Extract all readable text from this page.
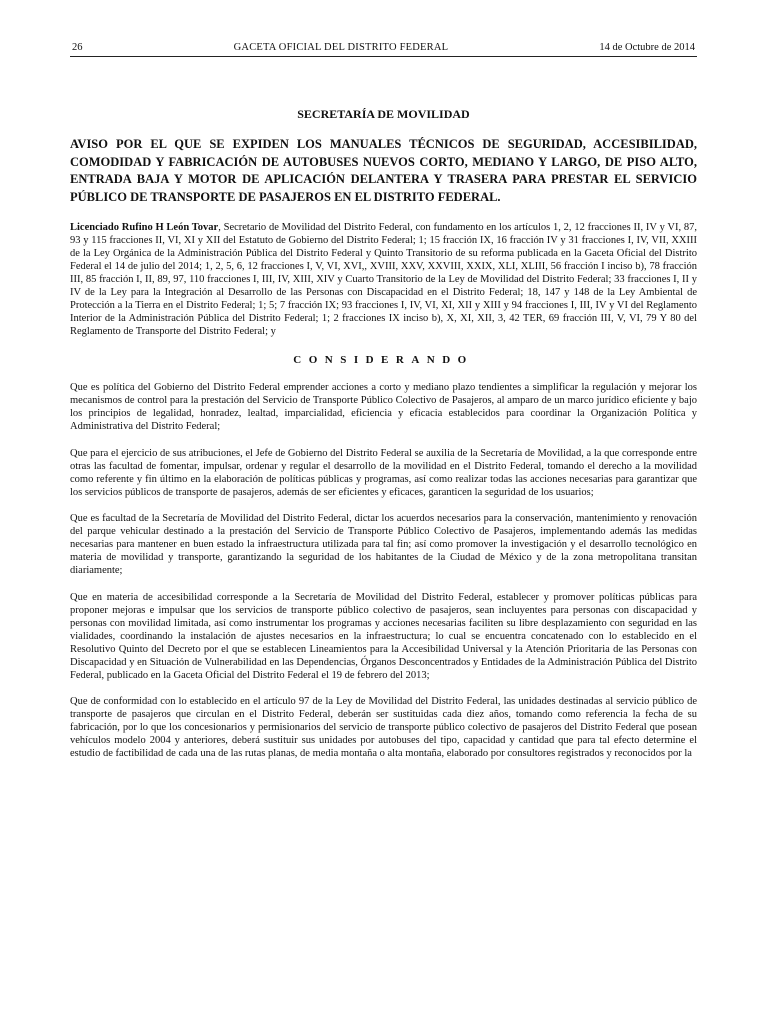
26	GACETA OFICIAL DEL DISTRITO FEDERAL	14 de Octubre de 2014
SECRETARÍA DE MOVILIDAD
AVISO POR EL QUE SE EXPIDEN LOS MANUALES TÉCNICOS DE SEGURIDAD, ACCESIBILIDAD, COMODIDAD Y FABRICACIÓN DE AUTOBUSES NUEVOS CORTO, MEDIANO Y LARGO, DE PISO ALTO, ENTRADA BAJA Y MOTOR DE APLICACIÓN DELANTERA Y TRASERA PARA PRESTAR EL SERVICIO PÚBLICO DE TRANSPORTE DE PASAJEROS EN EL DISTRITO FEDERAL.
Licenciado Rufino H León Tovar, Secretario de Movilidad del Distrito Federal, con fundamento en los artículos 1, 2, 12 fracciones II, IV y VI, 87, 93 y 115 fracciones II, VI, XI y XII del Estatuto de Gobierno del Distrito Federal; 1; 15 fracción IX, 16 fracción IV y 31 fracciones I, IV, VII, XXIII de la Ley Orgánica de la Administración Pública del Distrito Federal y Quinto Transitorio de su reforma publicada en la Gaceta Oficial del Distrito Federal el 14 de julio del 2014; 1, 2, 5, 6, 12 fracciones I, V, VI, XVI,, XVIII, XXV, XXVIII, XXIX, XLI, XLIII, 56 fracción I inciso b), 78 fracción III, 85 fracción I, II, 89, 97, 110 fracciones I, III, IV, XIII, XIV y Cuarto Transitorio de la Ley de Movilidad del Distrito Federal; 33 fracciones I, II y IV de la Ley para la Integración al Desarrollo de las Personas con Discapacidad en el Distrito Federal; 18, 147 y 148 de la Ley Ambiental de Protección a la Tierra en el Distrito Federal; 1; 5; 7 fracción IX; 93 fracciones I, IV, VI, XI, XII y XIII y 94 fracciones I, III, IV y VI del Reglamento Interior de la Administración Pública del Distrito Federal; 1; 2 fracciones IX inciso b), X, XI, XII, 3, 42 TER, 69 fracción III, V, VI, 79 Y 80 del Reglamento de Transporte del Distrito Federal; y
CONSIDERANDO

Que es política del Gobierno del Distrito Federal emprender acciones a corto y mediano plazo tendientes a simplificar la regulación y mejorar los mecanismos de control para la prestación del Servicio de Transporte Público Colectivo de Pasajeros, al amparo de un marco jurídico eficiente y bajo los principios de legalidad, honradez, lealtad, imparcialidad, eficiencia y eficacia establecidos para coordinar la Organización Política y Administrativa del Distrito Federal;

Que para el ejercicio de sus atribuciones, el Jefe de Gobierno del Distrito Federal se auxilia de la Secretaría de Movilidad, a la que corresponde entre otras las facultad de fomentar, impulsar, ordenar y regular el desarrollo de la movilidad en el Distrito Federal, tomando el derecho a la movilidad como referente y fin último en la elaboración de políticas públicas y programas, así como realizar todas las acciones necesarias para garantizar que los servicios públicos de transporte de pasajeros, además de ser eficientes y eficaces, garanticen la seguridad de los usuarios;

Que es facultad de la Secretaría de Movilidad del Distrito Federal, dictar los acuerdos necesarios para la conservación, mantenimiento y renovación del parque vehicular destinado a la prestación del Servicio de Transporte Público Colectivo de Pasajeros, implementando además las medidas necesarias para mantener en buen estado la infraestructura utilizada para tal fin; así como promover la investigación y el desarrollo tecnológico en materia de movilidad y transporte, garantizando la seguridad de los habitantes de la Ciudad de México y de la zona metropolitana transitan diariamente;

Que en materia de accesibilidad corresponde a la Secretaría de Movilidad del Distrito Federal, establecer y promover políticas públicas para proponer mejoras e impulsar que los servicios de transporte público colectivo de pasajeros, sean incluyentes para personas con discapacidad y personas con movilidad limitada, así como instrumentar los programas y acciones necesarias faciliten su libre desplazamiento con seguridad en las vialidades, coordinando la instalación de ajustes necesarios en la infraestructura; lo cual se encuentra concatenado con lo establecido en el Resolutivo Quinto del Decreto por el que se establecen Lineamientos para la Accesibilidad Universal y la Atención Prioritaria de las Personas con Discapacidad y en Situación de Vulnerabilidad en las Dependencias, Órganos Desconcentrados y Entidades de la Administración Pública del Distrito Federal, publicado en la Gaceta Oficial del Distrito Federal el 19 de febrero del 2013;

Que de conformidad con lo establecido en el artículo 97 de la Ley de Movilidad del Distrito Federal, las unidades destinadas al servicio público de transporte de pasajeros que circulan en el Distrito Federal, deberán ser sustituidas cada diez años, tomando como referencia la fecha de su fabricación, por lo que los concesionarios y permisionarios del servicio de transporte público colectivo de pasajeros del Distrito Federal que posean vehículos modelo 2004 y anteriores, deberá sustituir sus unidades por autobuses del tipo, capacidad y cantidad que para tal efecto determine el estudio de factibilidad de cada una de las rutas planas, de media montaña o alta montaña, elaborado por consultores registrados y reconocidos por la
